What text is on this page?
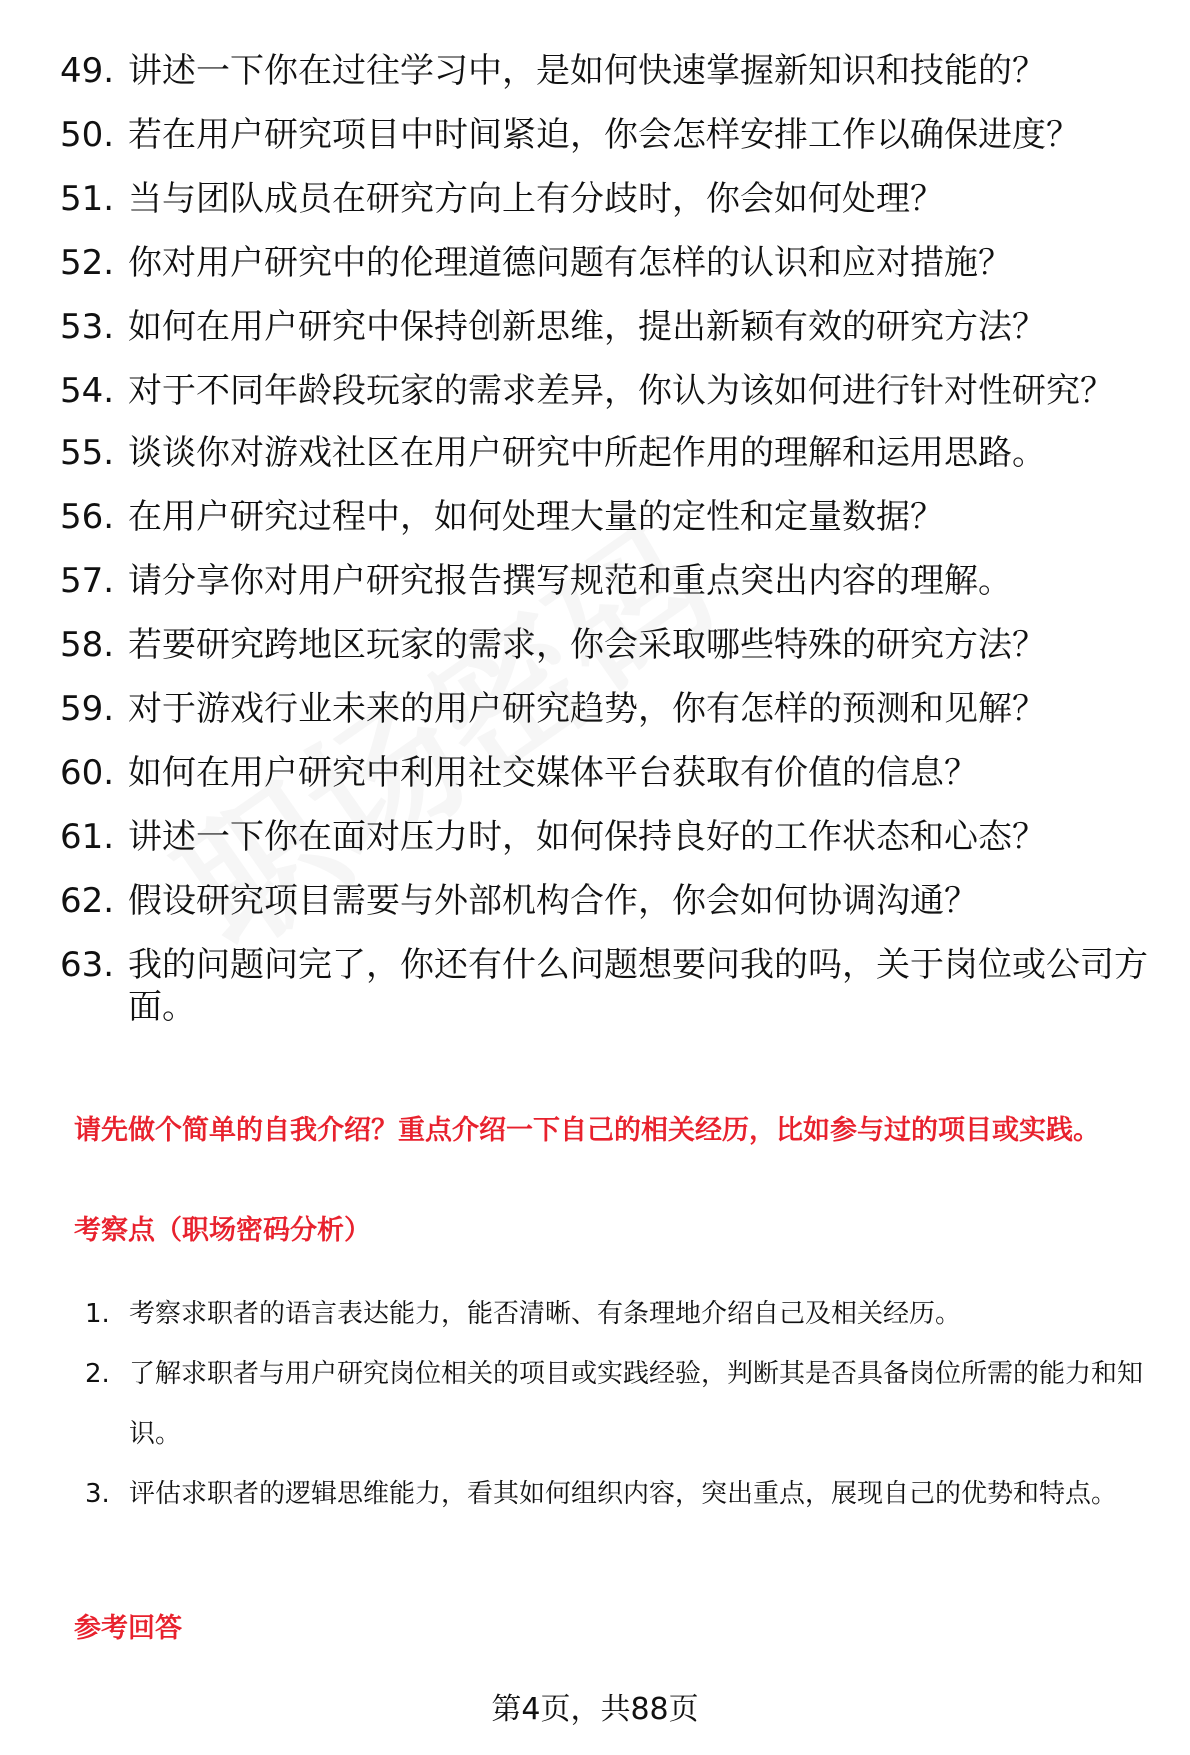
49. 讲述一下你在过往学习中，是如何快速掌握新知识和技能的？
50. 若在用户研究项目中时间紧迫，你会怎样安排工作以确保进度？
51. 当与团队成员在研究方向上有分歧时，你会如何处理？
52. 你对用户研究中的伦理道德问题有怎样的认识和应对措施？
53. 如何在用户研究中保持创新思维，提出新颖有效的研究方法？
54. 对于不同年龄段玩家的需求差异，你认为该如何进行针对性研究？
55. 谈谈你对游戏社区在用户研究中所起作用的理解和运用思路。
56. 在用户研究过程中，如何处理大量的定性和定量数据？
57. 请分享你对用户研究报告撰写规范和重点突出内容的理解。
58. 若要研究跨地区玩家的需求，你会采取哪些特殊的研究方法？
59. 对于游戏行业未来的用户研究趋势，你有怎样的预测和见解？
60. 如何在用户研究中利用社交媒体平台获取有价值的信息？
61. 讲述一下你在面对压力时，如何保持良好的工作状态和心态？
62. 假设研究项目需要与外部机构合作，你会如何协调沟通？
63. 我的问题问完了，你还有什么问题想要问我的吗，关于岗位或公司方面。

请先做个简单的自我介绍？重点介绍一下自己的相关经历，比如参与过的项目或实践。

考察点（职场密码分析）

1. 考察求职者的语言表达能力，能否清晰、有条理地介绍自己及相关经历。
2. 了解求职者与用户研究岗位相关的项目或实践经验，判断其是否具备岗位所需的能力和知识。
3. 评估求职者的逻辑思维能力，看其如何组织内容，突出重点，展现自己的优势和特点。

参考回答

第4页，共88页
